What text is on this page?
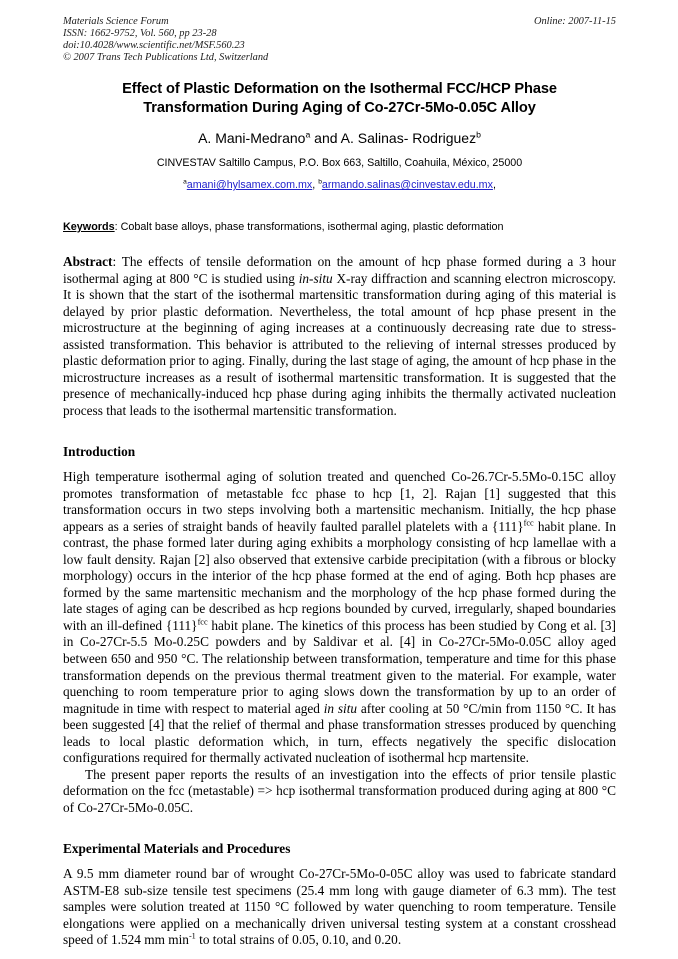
Materials Science Forum
ISSN: 1662-9752, Vol. 560, pp 23-28
doi:10.4028/www.scientific.net/MSF.560.23
© 2007 Trans Tech Publications Ltd, Switzerland
Online: 2007-11-15
Effect of Plastic Deformation on the Isothermal FCC/HCP Phase Transformation During Aging of Co-27Cr-5Mo-0.05C Alloy
A. Mani-Medrano$^a$ and A. Salinas- Rodriguez$^b$
CINVESTAV Saltillo Campus, P.O. Box 663, Saltillo, Coahuila, México, 25000
$^a$amani@hylsamex.com.mx, $^b$armando.salinas@cinvestav.edu.mx,
Keywords: Cobalt base alloys, phase transformations, isothermal aging, plastic deformation
Abstract: The effects of tensile deformation on the amount of hcp phase formed during a 3 hour isothermal aging at 800 °C is studied using in-situ X-ray diffraction and scanning electron microscopy. It is shown that the start of the isothermal martensitic transformation during aging of this material is delayed by prior plastic deformation. Nevertheless, the total amount of hcp phase present in the microstructure at the beginning of aging increases at a continuously decreasing rate due to stress-assisted transformation. This behavior is attributed to the relieving of internal stresses produced by plastic deformation prior to aging. Finally, during the last stage of aging, the amount of hcp phase in the microstructure increases as a result of isothermal martensitic transformation. It is suggested that the presence of mechanically-induced hcp phase during aging inhibits the thermally activated nucleation process that leads to the isothermal martensitic transformation.
Introduction

High temperature isothermal aging of solution treated and quenched Co-26.7Cr-5.5Mo-0.15C alloy promotes transformation of metastable fcc phase to hcp [1, 2]. Rajan [1] suggested that this transformation occurs in two steps involving both a martensitic mechanism. Initially, the hcp phase appears as a series of straight bands of heavily faulted parallel platelets with a $\{111\}^{fcc}$ habit plane. In contrast, the phase formed later during aging exhibits a morphology consisting of hcp lamellae with a low fault density. Rajan [2] also observed that extensive carbide precipitation (with a fibrous or blocky morphology) occurs in the interior of the hcp phase formed at the end of aging. Both hcp phases are formed by the same martensitic mechanism and the morphology of the hcp phase formed during the late stages of aging can be described as hcp regions bounded by curved, irregularly, shaped boundaries with an ill-defined $\{111\}^{fcc}$ habit plane. The kinetics of this process has been studied by Cong et al. [3] in Co-27Cr-5.5 Mo-0.25C powders and by Saldivar et al. [4] in Co-27Cr-5Mo-0.05C alloy aged between 650 and 950 °C. The relationship between transformation, temperature and time for this phase transformation depends on the previous thermal treatment given to the material. For example, water quenching to room temperature prior to aging slows down the transformation by up to an order of magnitude in time with respect to material aged in situ after cooling at 50 °C/min from 1150 °C. It has been suggested [4] that the relief of thermal and phase transformation stresses produced by quenching leads to local plastic deformation which, in turn, effects negatively the specific dislocation configurations required for thermally activated nucleation of isothermal hcp martensite.

The present paper reports the results of an investigation into the effects of prior tensile plastic deformation on the fcc (metastable) => hcp isothermal transformation produced during aging at 800 °C of Co-27Cr-5Mo-0.05C.

Experimental Materials and Procedures

A 9.5 mm diameter round bar of wrought Co-27Cr-5Mo-0-05C alloy was used to fabricate standard ASTM-E8 sub-size tensile test specimens (25.4 mm long with gauge diameter of 6.3 mm). The test samples were solution treated at 1150 °C followed by water quenching to room temperature. Tensile elongations were applied on a mechanically driven universal testing system at a constant crosshead speed of 1.524 mm $\min^{-1}$ to total strains of 0.05, 0.10, and 0.20.
